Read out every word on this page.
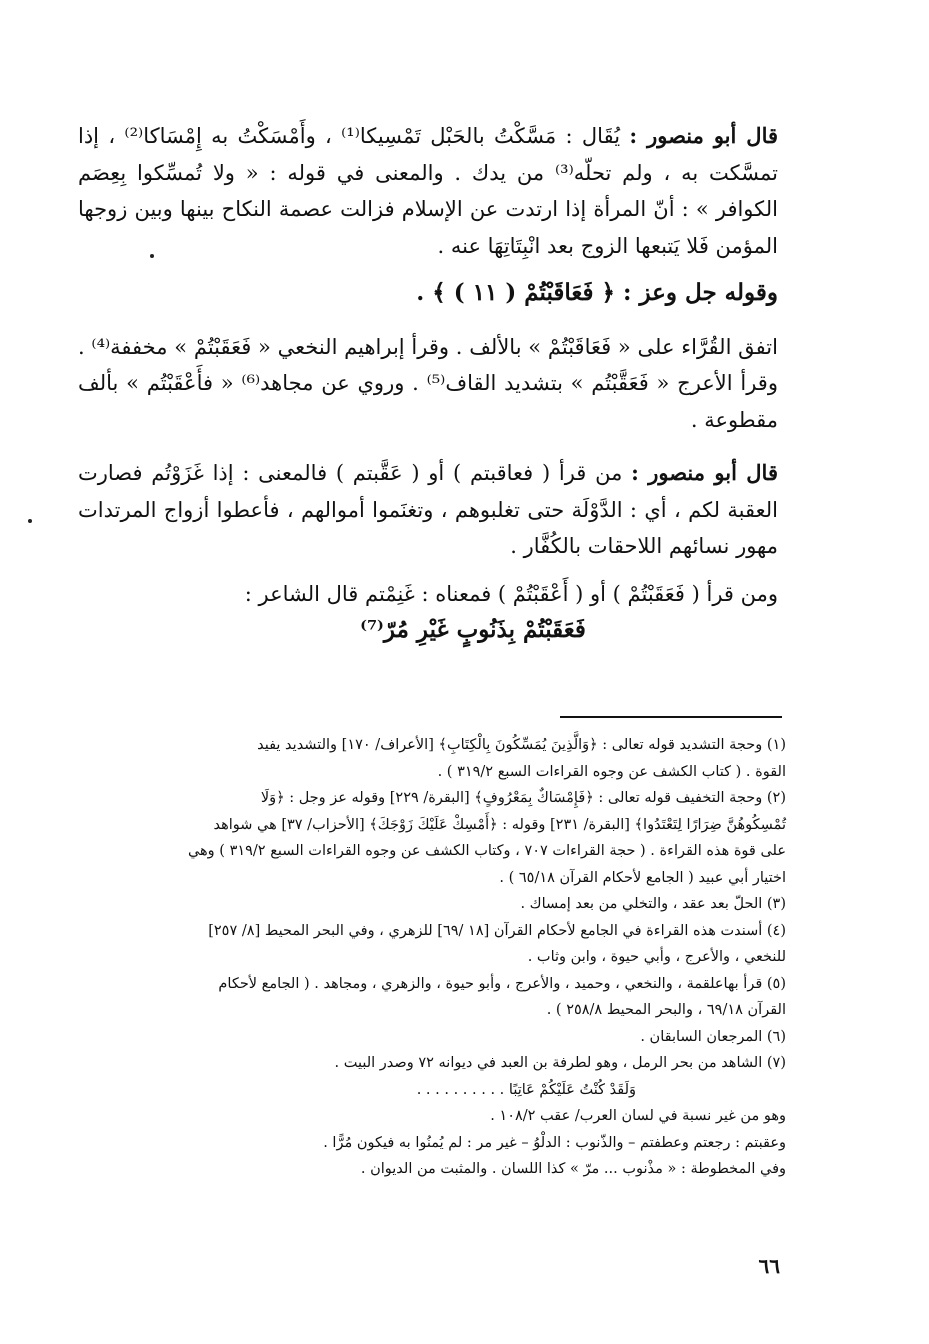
قال أبو منصور : يُقَال : مَسَّكْتُ بالحَبْل تَمْسِيكا⁽¹⁾ ، وأَمْسَكْتُ به إِمْسَاكا⁽²⁾ ، إذا تمسَّكت به ، ولم تحلّه⁽³⁾ من يدك . والمعنى في قوله : « ولا تُمسِّكوا بِعِصَم الكوافر » : أنّ المرأة إذا ارتدت عن الإسلام فزالت عصمة النكاح بينها وبين زوجها المؤمن فَلا يَتبعها الزوج بعد انْبِتَاتِهَا عنه .

وقوله جل وعز : ﴿ فَعَاقَبْتُمْ ( ١١ ) ﴾ .

اتفق القُرَّاء على « فَعَاقَبْتُمْ » بالألف . وقرأ إبراهيم النخعي « فَعَقَبْتُمْ » مخففة⁽⁴⁾ . وقرأ الأعرج « فَعَقَّبْتُم » بتشديد القاف⁽⁵⁾ . وروي عن مجاهد⁽⁶⁾ « فأَعْقَبْتُم » بألف مقطوعة .

قال أبو منصور : من قرأ ( فعاقبتم ) أو ( عَقَّبتم ) فالمعنى : إذا غَزَوْتُم فصارت العقبة لكم ، أي : الدَّوْلَة حتى تغلبوهم ، وتغنَموا أموالهم ، فأعطوا أزواج المرتدات مهور نسائهم اللاحقات بالكُفَّار .

ومن قرأ ( فَعَقَبْتُمْ ) أو ( أَعْقَبْتُمْ ) فمعناه : غَنِمْتم قال الشاعر :

فَعَقَبْتُمْ بِذَنُوبٍ غَيْرِ مُرّ⁽⁷⁾

(١) وحجة التشديد قوله تعالى : ﴿وَالَّذِينَ يُمَسِّكُونَ بِالْكِتَابِ﴾ [الأعراف/ ١٧٠] والتشديد يفيد

القوة . ( كتاب الكشف عن وجوه القراءات السبع ٣١٩/٢ ) .

(٢) وحجة التخفيف قوله تعالى : ﴿فَإِمْسَاكٌ بِمَعْرُوفٍ﴾ [البقرة/ ٢٢٩] وقوله عز وجل : ﴿وَلَا

تُمْسِكُوهُنَّ ضِرَارًا لِتَعْتَدُوا﴾ [البقرة/ ٢٣١] وقوله : ﴿أَمْسِكْ عَلَيْكَ زَوْجَكَ﴾ [الأحزاب/ ٣٧] هي شواهد

على قوة هذه القراءة . ( حجة القراءات ٧٠٧ ، وكتاب الكشف عن وجوه القراءات السبع ٣١٩/٢ ) وهي

اختيار أبي عبيد ( الجامع لأحكام القرآن ٦٥/١٨ ) .

(٣) الحلّ بعد عقد ، والتخلي من بعد إمساك .

(٤) أسندت هذه القراءة في الجامع لأحكام القرآن [١٨ /٦٩] للزهري ، وفي البحر المحيط [٨/ ٢٥٧]

للنخعي ، والأعرج ، وأبي حيوة ، وابن وثاب .

(٥) قرأ بهاعلقمة ، والنخعي ، وحميد ، والأعرج ، وأبو حيوة ، والزهري ، ومجاهد . ( الجامع لأحكام

القرآن ٦٩/١٨ ، والبحر المحيط ٢٥٨/٨ ) .

(٦) المرجعان السابقان .

(٧) الشاهد من بحر الرمل ، وهو لطرفة بن العبد في ديوانه ٧٢ وصدر البيت .

وَلَقَدْ كُنْتُ عَلَيْكُمْ عَاتِبًا . . . . . . . . . .

وهو من غير نسبة في لسان العرب/ عقب ١٠٨/٢ .

وعقبتم : رجعتم وعطفتم – والذّنوب : الدلْوُ – غير مر : لم يُمنُوا به فيكون مُرًّا .

وفي المخطوطة : « مذْنوب ... مرّ » كذا اللسان . والمثبت من الديوان .

٦٦
